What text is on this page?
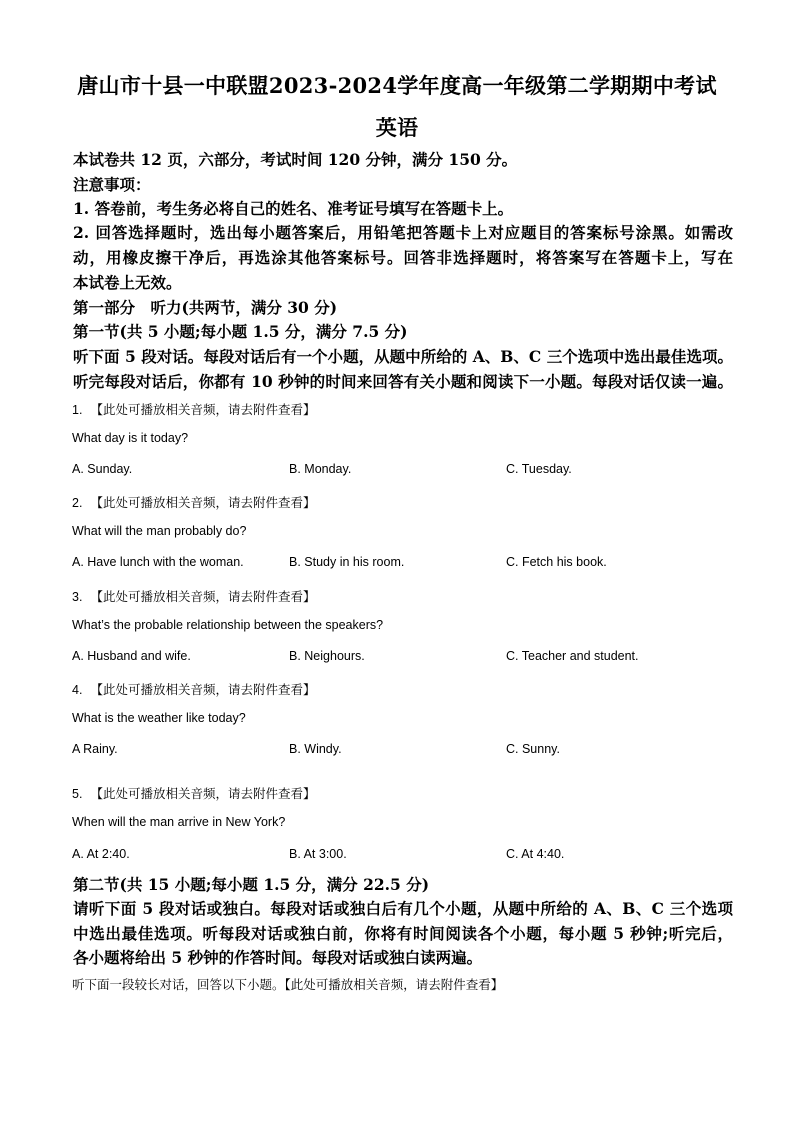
唐山市十县一中联盟2023-2024学年度高一年级第二学期期中考试
英语
本试卷共 12 页，六部分，考试时间 120 分钟，满分 150 分。
注意事项：
1. 答卷前，考生务必将自己的姓名、准考证号填写在答题卡上。
2. 回答选择题时，选出每小题答案后，用铅笔把答题卡上对应题目的答案标号涂黑。如需改
动，用橡皮擦干净后，再选涂其他答案标号。回答非选择题时，将答案写在答题卡上，写在
本试卷上无效。
第一部分　听力(共两节，满分 30 分)
第一节(共 5 小题;每小题 1.5 分，满分 7.5 分)
听下面 5 段对话。每段对话后有一个小题，从题中所给的 A、B、C 三个选项中选出最佳选项。
听完每段对话后，你都有 10 秒钟的时间来回答有关小题和阅读下一小题。每段对话仅读一遍。
1. 【此处可播放相关音频，请去附件查看】
What day is it today?
A. Sunday.	B. Monday.	C. Tuesday.
2. 【此处可播放相关音频，请去附件查看】
What will the man probably do?
A. Have lunch with the woman.	B. Study in his room.	C. Fetch his book.
3. 【此处可播放相关音频，请去附件查看】
What’s the probable relationship between the speakers?
A. Husband and wife.	B. Neighours.	C. Teacher and student.
4. 【此处可播放相关音频，请去附件查看】
What is the weather like today?
A Rainy.	B. Windy.	C. Sunny.
5. 【此处可播放相关音频，请去附件查看】
When will the man arrive in New York?
A. At 2:40.	B. At 3:00.	C. At 4:40.
第二节(共 15 小题;每小题 1.5 分，满分 22.5 分)
请听下面 5 段对话或独白。每段对话或独白后有几个小题，从题中所给的 A、B、C 三个选项
中选出最佳选项。听每段对话或独白前，你将有时间阅读各个小题，每小题 5 秒钟;听完后，
各小题将给出 5 秒钟的作答时间。每段对话或独白读两遍。
听下面一段较长对话，回答以下小题。【此处可播放相关音频，请去附件查看】
